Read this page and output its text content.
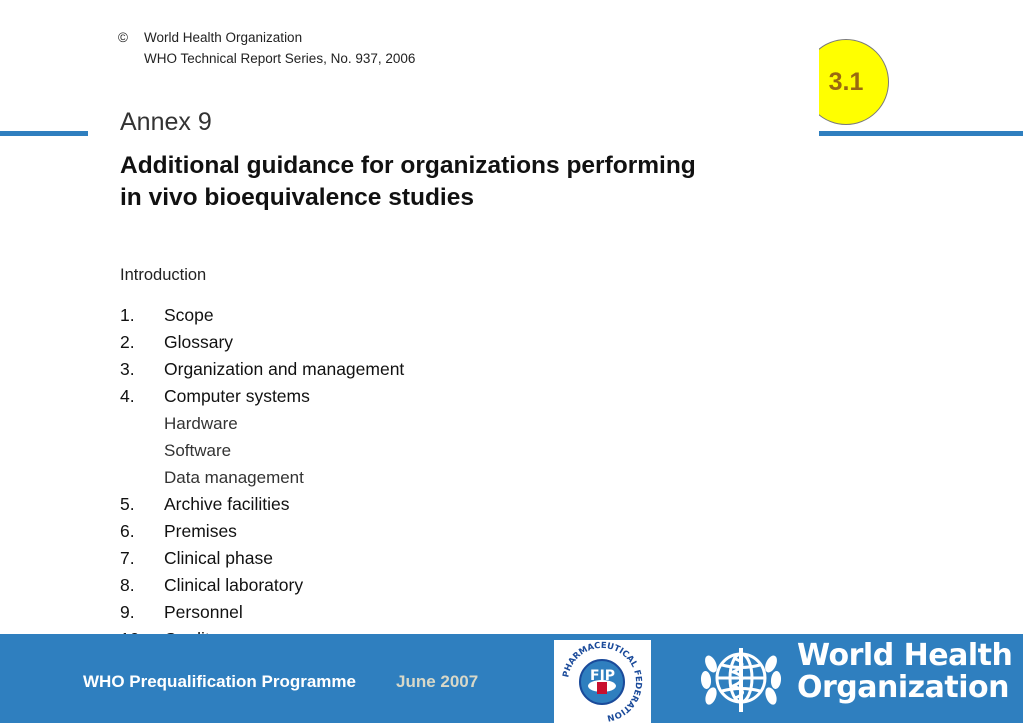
3.1
© World Health Organization
WHO Technical Report Series, No. 937, 2006
Annex 9
Additional guidance for organizations performing
in vivo bioequivalence studies
Introduction
1.	Scope
2.	Glossary
3.	Organization and management
4.	Computer systems
Hardware
Software
Data management
5.	Archive facilities
6.	Premises
7.	Clinical phase
8.	Clinical laboratory
9.	Personnel
WHO Prequalification Programme June 2007	PHARMACEUTICAL FEDERATION
FIP
World Health
Organization
